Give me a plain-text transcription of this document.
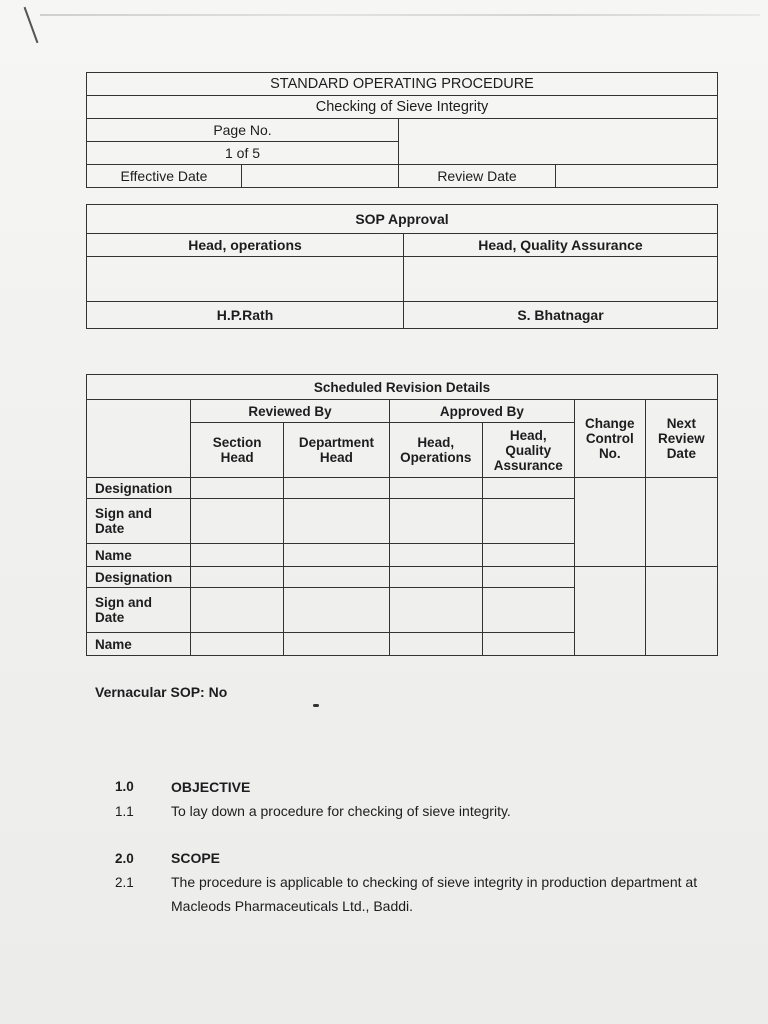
STANDARD OPERATING PROCEDURE			
Checking of Sieve Integrity			
Page No.			
1 of 5			
Effective Date		Review Date	
SOP Approval	
Head, operations	Head, Quality Assurance

H.P.Rath	S. Bhatnagar
Scheduled Revision Details						
	Reviewed By		Approved By		Change Control No.	Next Review Date
	Section Head	Department Head	Head, Operations	Head, Quality Assurance		
Designation						
Sign and Date						
Name						
Designation						
Sign and Date						
Name						
Vernacular SOP: No
1.0	OBJECTIVE
1.1	To lay down a procedure for checking of sieve integrity.
2.0	SCOPE
2.1	The procedure is applicable to checking of sieve integrity in production department at
Macleods Pharmaceuticals Ltd., Baddi.
